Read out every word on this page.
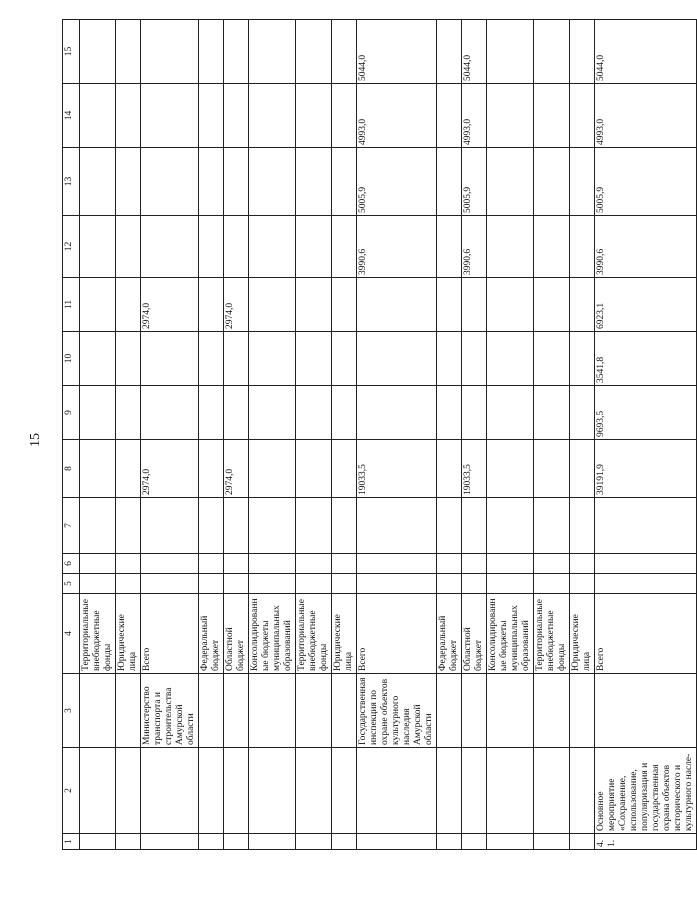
15
1	2	3	4	5	6	7	8	9	10	11	12	13	14	15
			Территориальные внебюджетные фонды											
			Юридические лица											
		Министерство транспорта и строительства Амурской области	Всего				2974,0			2974,0				
			Федеральный бюджет											
			Областной бюджет				2974,0			2974,0				
			Консолидированные бюджеты муниципальных образований											
			Территориальные внебюджетные фонды											
			Юридические лица											
		Государственная инспекция по охране объектов культурного наследия Амурской области	Всего				19033,5				3990,6	5005,9	4993,0	5044,0
			Федеральный бюджет											
			Областной бюджет				19033,5				3990,6	5005,9	4993,0	5044,0
			Консолидированные бюджеты муниципальных образований											
			Территориальные внебюджетные фонды											
			Юридические лица											
4.1.	Основное мероприятие «Сохранение, использование, популяризация и государственная охрана объектов исторического и культурного насле-		Всего				39191,9	9693,5	3541,8	6923,1	3990,6	5005,9	4993,0	5044,0
